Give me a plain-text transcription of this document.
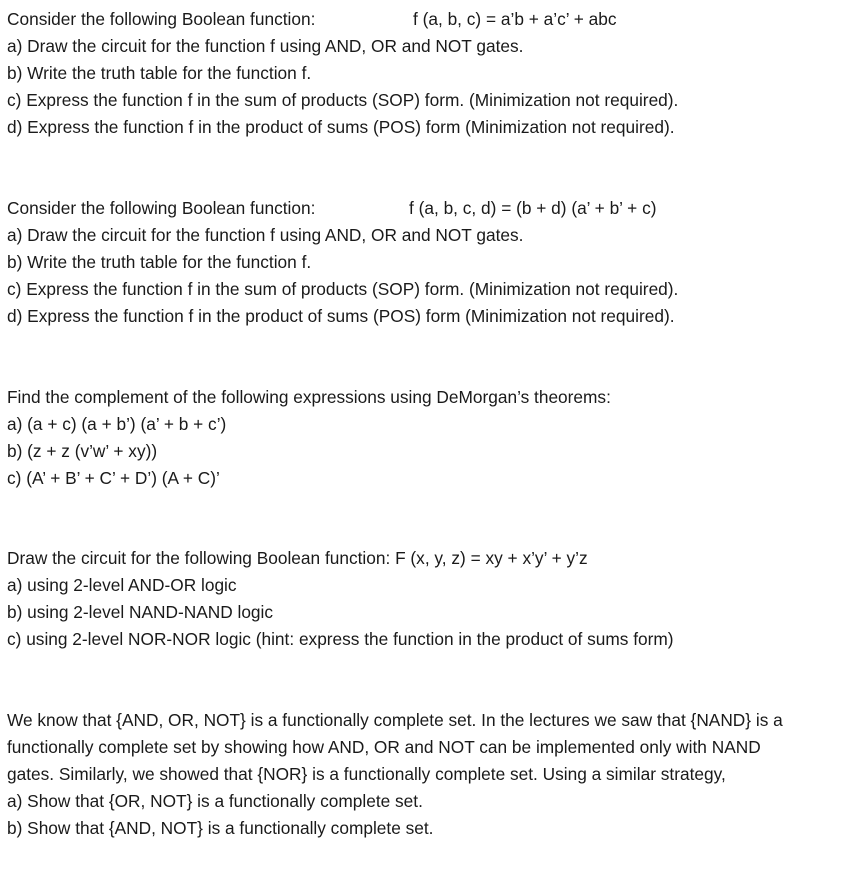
Consider the following Boolean function:	f (a, b, c) = a’b + a’c’ + abc
a) Draw the circuit for the function f using AND, OR and NOT gates.
b) Write the truth table for the function f.
c) Express the function f in the sum of products (SOP) form. (Minimization not required).
d) Express the function f in the product of sums (POS) form (Minimization not required).
Consider the following Boolean function:	f (a, b, c, d) = (b + d) (a’ + b’ + c)
a) Draw the circuit for the function f using AND, OR and NOT gates.
b) Write the truth table for the function f.
c) Express the function f in the sum of products (SOP) form. (Minimization not required).
d) Express the function f in the product of sums (POS) form (Minimization not required).
Find the complement of the following expressions using DeMorgan’s theorems:
a) (a + c) (a + b’) (a’ + b + c’)
b) (z + z (v’w’ + xy))
c) (A’ + B’ + C’ + D’) (A + C)’
Draw the circuit for the following Boolean function: F (x, y, z) = xy + x’y’ + y’z
a) using 2-level AND-OR logic
b) using 2-level NAND-NAND logic
c) using 2-level NOR-NOR logic (hint: express the function in the product of sums form)
We know that {AND, OR, NOT} is a functionally complete set. In the lectures we saw that {NAND} is a
functionally complete set by showing how AND, OR and NOT can be implemented only with NAND
gates. Similarly, we showed that {NOR} is a functionally complete set. Using a similar strategy,
a) Show that {OR, NOT} is a functionally complete set.
b) Show that {AND, NOT} is a functionally complete set.
